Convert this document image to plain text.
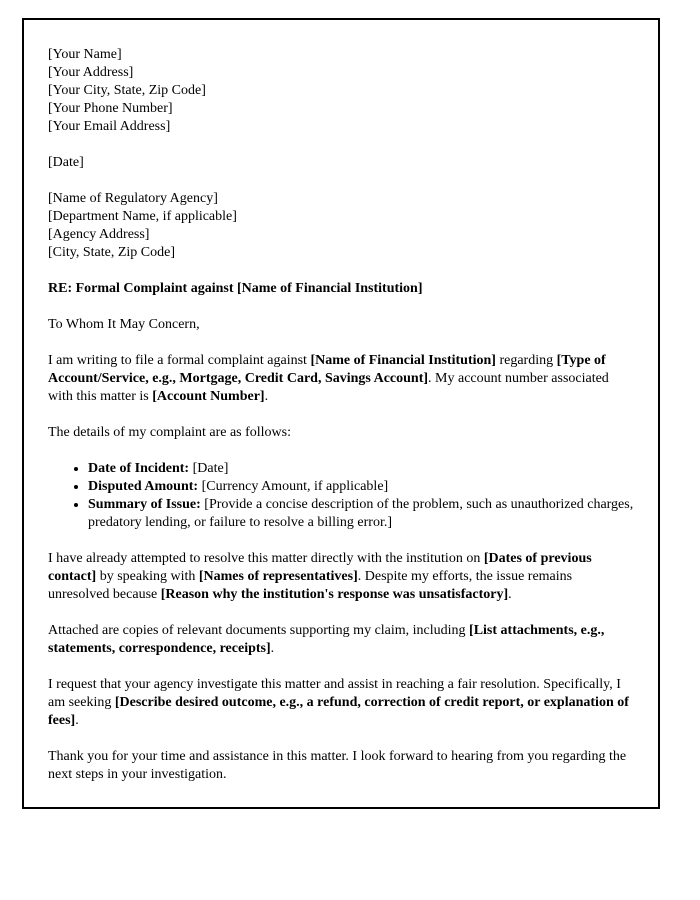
[Your Name]
[Your Address]
[Your City, State, Zip Code]
[Your Phone Number]
[Your Email Address]

[Date]

[Name of Regulatory Agency]
[Department Name, if applicable]
[Agency Address]
[City, State, Zip Code]

RE: Formal Complaint against [Name of Financial Institution]

To Whom It May Concern,

I am writing to file a formal complaint against [Name of Financial Institution] regarding [Type of Account/Service, e.g., Mortgage, Credit Card, Savings Account]. My account number associated with this matter is [Account Number].

The details of my complaint are as follows:

• Date of Incident: [Date]
• Disputed Amount: [Currency Amount, if applicable]
• Summary of Issue: [Provide a concise description of the problem, such as unauthorized charges, predatory lending, or failure to resolve a billing error.]

I have already attempted to resolve this matter directly with the institution on [Dates of previous contact] by speaking with [Names of representatives]. Despite my efforts, the issue remains unresolved because [Reason why the institution's response was unsatisfactory].

Attached are copies of relevant documents supporting my claim, including [List attachments, e.g., statements, correspondence, receipts].

I request that your agency investigate this matter and assist in reaching a fair resolution. Specifically, I am seeking [Describe desired outcome, e.g., a refund, correction of credit report, or explanation of fees].

Thank you for your time and assistance in this matter. I look forward to hearing from you regarding the next steps in your investigation.
